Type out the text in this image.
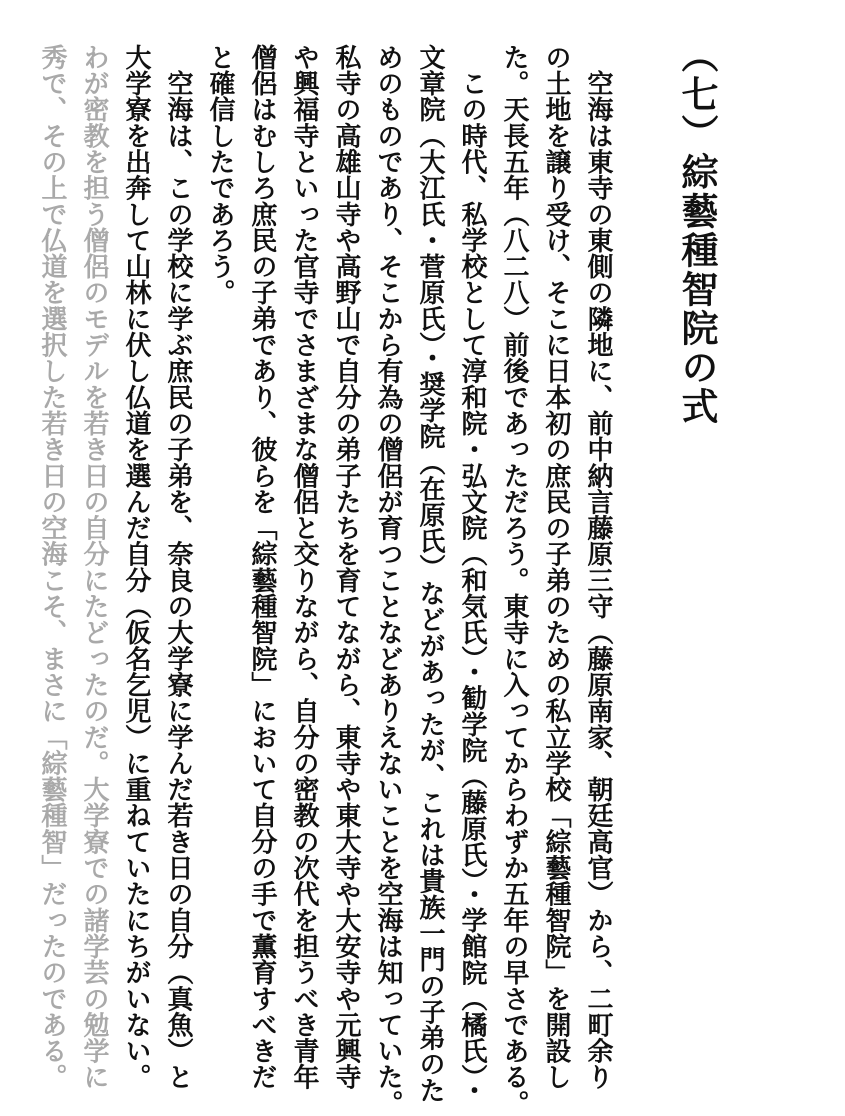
（七）綜藝種智院の式
　空海は東寺の東側の隣地に、前中納言藤原三守（藤原南家、朝廷高官）から、二町余り
の土地を譲り受け、そこに日本初の庶民の子弟のための私立学校「綜藝種智院」を開設し
た。天長五年（八二八）前後であっただろう。東寺に入ってからわずか五年の早さである。
　この時代、私学校として淳和院・弘文院（和気氏）・勧学院（藤原氏）・学館院（橘氏）・
文章院（大江氏・菅原氏）・奨学院（在原氏）などがあったが、これは貴族一門の子弟のた
めのものであり、そこから有為の僧侶が育つことなどありえないことを空海は知っていた。
私寺の高雄山寺や高野山で自分の弟子たちを育てながら、東寺や東大寺や大安寺や元興寺
や興福寺といった官寺でさまざまな僧侶と交りながら、自分の密教の次代を担うべき青年
僧侶はむしろ庶民の子弟であり、彼らを「綜藝種智院」において自分の手で薫育すべきだ
と確信したであろう。
　空海は、この学校に学ぶ庶民の子弟を、奈良の大学寮に学んだ若き日の自分（真魚）と
大学寮を出奔して山林に伏し仏道を選んだ自分（仮名乞児）に重ねていたにちがいない。
わが密教を担う僧侶のモデルを若き日の自分にたどったのだ。大学寮での諸学芸の勉学に
秀で、その上で仏道を選択した若き日の空海こそ、まさに「綜藝種智」だったのである。
